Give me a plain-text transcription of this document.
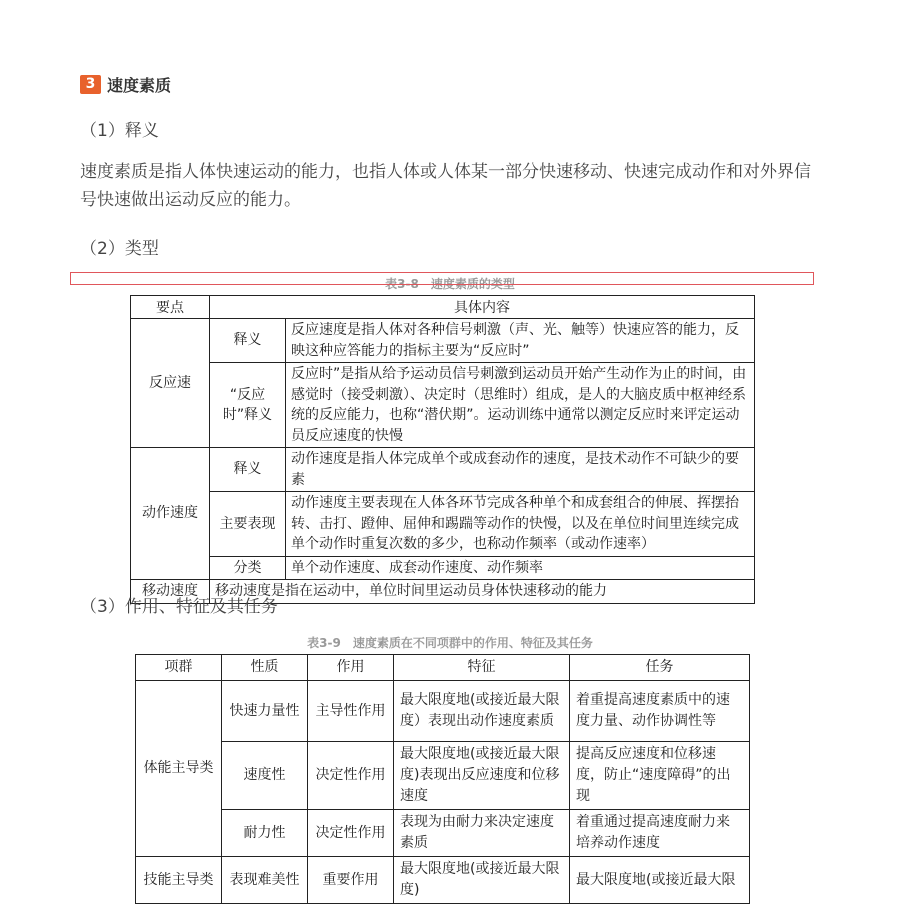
3 速度素质
（1）释义
速度素质是指人体快速运动的能力，也指人体或人体某一部分快速移动、快速完成动作和对外界信号快速做出运动反应的能力。
（2）类型
表3-8　速度素质的类型
要点	具体内容	
反应速	释义	反应速度是指人体对各种信号刺激（声、光、触等）快速应答的能力，反映这种应答能力的指标主要为“反应时”
	“反应时”释义	反应时”是指从给予运动员信号刺激到运动员开始产生动作为止的时间，由感觉时（接受刺激）、决定时（思维时）组成，是人的大脑皮质中枢神经系统的反应能力，也称“潜伏期”。运动训练中通常以测定反应时来评定运动员反应速度的快慢
动作速度	释义	动作速度是指人体完成单个或成套动作的速度，是技术动作不可缺少的要素
	主要表现	动作速度主要表现在人体各环节完成各种单个和成套组合的伸展、挥摆抬转、击打、蹬伸、屈伸和踢踹等动作的快慢，以及在单位时间里连续完成单个动作时重复次数的多少，也称动作频率（或动作速率）
	分类	单个动作速度、成套动作速度、动作频率
移动速度	移动速度是指在运动中，单位时间里运动员身体快速移动的能力	
（3）作用、特征及其任务
表3-9　速度素质在不同项群中的作用、特征及其任务
项群	性质	作用	特征	任务
体能主导类	快速力量性	主导性作用	最大限度地(或接近最大限度）表现出动作速度素质	着重提高速度素质中的速度力量、动作协调性等
	速度性	决定性作用	最大限度地(或接近最大限度)表现出反应速度和位移速度	提高反应速度和位移速度，防止“速度障碍”的出现
	耐力性	决定性作用	表现为由耐力来决定速度素质	着重通过提高速度耐力来培养动作速度
技能主导类	表现难美性	重要作用	最大限度地(或接近最大限度)	最大限度地(或接近最大限
